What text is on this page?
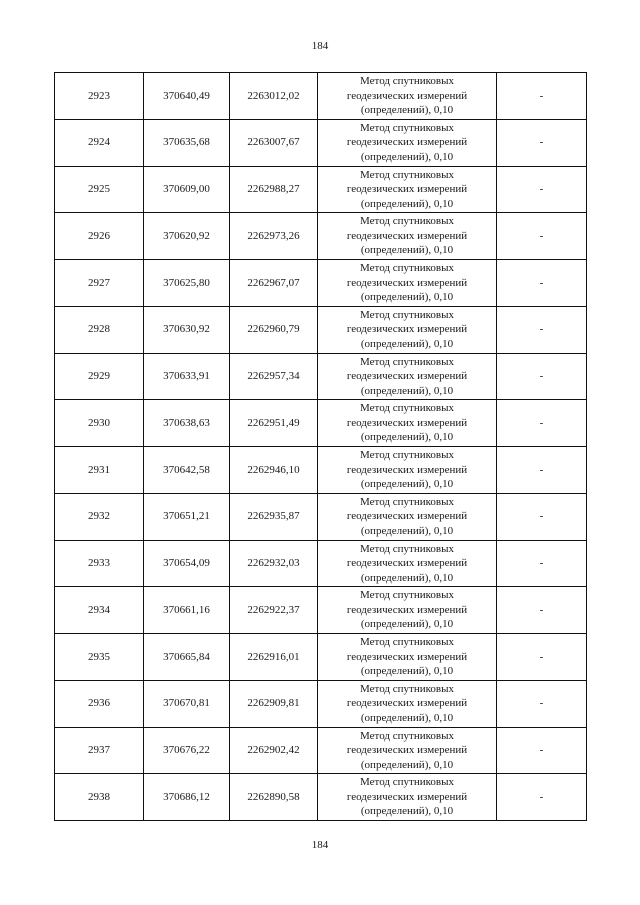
184
2923	370640,49	2263012,02	Метод спутниковых
геодезических измерений
(определений), 0,10	-
2924	370635,68	2263007,67	Метод спутниковых
геодезических измерений
(определений), 0,10	-
2925	370609,00	2262988,27	Метод спутниковых
геодезических измерений
(определений), 0,10	-
2926	370620,92	2262973,26	Метод спутниковых
геодезических измерений
(определений), 0,10	-
2927	370625,80	2262967,07	Метод спутниковых
геодезических измерений
(определений), 0,10	-
2928	370630,92	2262960,79	Метод спутниковых
геодезических измерений
(определений), 0,10	-
2929	370633,91	2262957,34	Метод спутниковых
геодезических измерений
(определений), 0,10	-
2930	370638,63	2262951,49	Метод спутниковых
геодезических измерений
(определений), 0,10	-
2931	370642,58	2262946,10	Метод спутниковых
геодезических измерений
(определений), 0,10	-
2932	370651,21	2262935,87	Метод спутниковых
геодезических измерений
(определений), 0,10	-
2933	370654,09	2262932,03	Метод спутниковых
геодезических измерений
(определений), 0,10	-
2934	370661,16	2262922,37	Метод спутниковых
геодезических измерений
(определений), 0,10	-
2935	370665,84	2262916,01	Метод спутниковых
геодезических измерений
(определений), 0,10	-
2936	370670,81	2262909,81	Метод спутниковых
геодезических измерений
(определений), 0,10	-
2937	370676,22	2262902,42	Метод спутниковых
геодезических измерений
(определений), 0,10	-
2938	370686,12	2262890,58	Метод спутниковых
геодезических измерений
(определений), 0,10	-
184
